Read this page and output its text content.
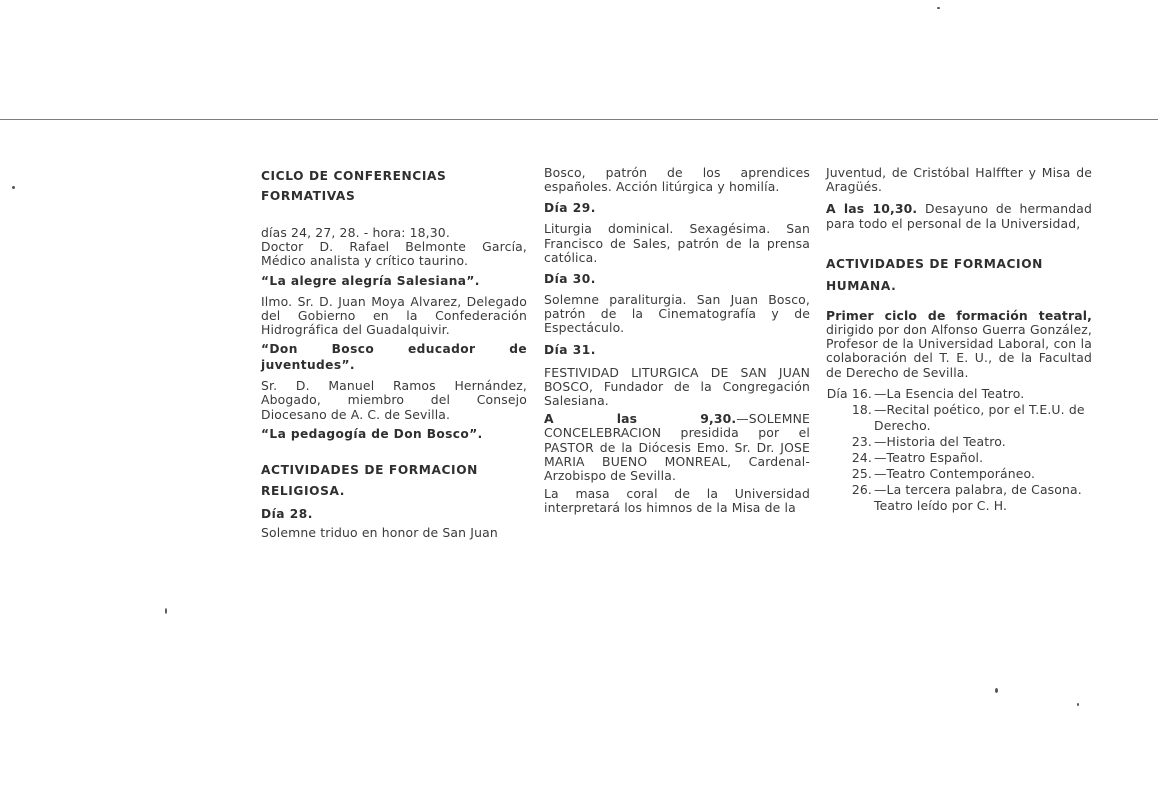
CICLO DE CONFERENCIAS FORMATIVAS

días 24, 27, 28. - hora: 18,30.

Doctor D. Rafael Belmonte García, Médico analista y crítico taurino.

“La alegre alegría Salesiana”.

Ilmo. Sr. D. Juan Moya Alvarez, Delegado del Gobierno en la Confederación Hidrográfica del Guadalquivir.

“Don Bosco educador de juventudes”.

Sr. D. Manuel Ramos Hernández, Abogado, miembro del Consejo Diocesano de A. C. de Sevilla.

“La pedagogía de Don Bosco”.

ACTIVIDADES DE FORMACION RELIGIOSA.

Día 28.

Solemne triduo en honor de San Juan

Bosco, patrón de los aprendices españoles. Acción litúrgica y homilía.

Día 29.

Liturgia dominical. Sexagésima. San Francisco de Sales, patrón de la prensa católica.

Día 30.

Solemne paraliturgia. San Juan Bosco, patrón de la Cinematografía y de Espectáculo.

Día 31.

FESTIVIDAD LITURGICA DE SAN JUAN BOSCO, Fundador de la Congregación Salesiana.

A las 9,30.—SOLEMNE CONCELEBRACION presidida por el PASTOR de la Diócesis Emo. Sr. Dr. JOSE MARIA BUENO MONREAL, Cardenal-Arzobispo de Sevilla.

La masa coral de la Universidad interpretará los himnos de la Misa de la

Juventud, de Cristóbal Halffter y Misa de Aragüés.

A las 10,30. Desayuno de hermandad para todo el personal de la Universidad,

ACTIVIDADES DE FORMACION HUMANA.

Primer ciclo de formación teatral, dirigido por don Alfonso Guerra González, Profesor de la Universidad Laboral, con la colaboración del T. E. U., de la Facultad de Derecho de Sevilla.

Día 16. —La Esencia del Teatro.
18. —Recital poético, por el T.E.U. de Derecho.
23. —Historia del Teatro.
24. —Teatro Español.
25. —Teatro Contemporáneo.
26. —La tercera palabra, de Casona. Teatro leído por C. H.
